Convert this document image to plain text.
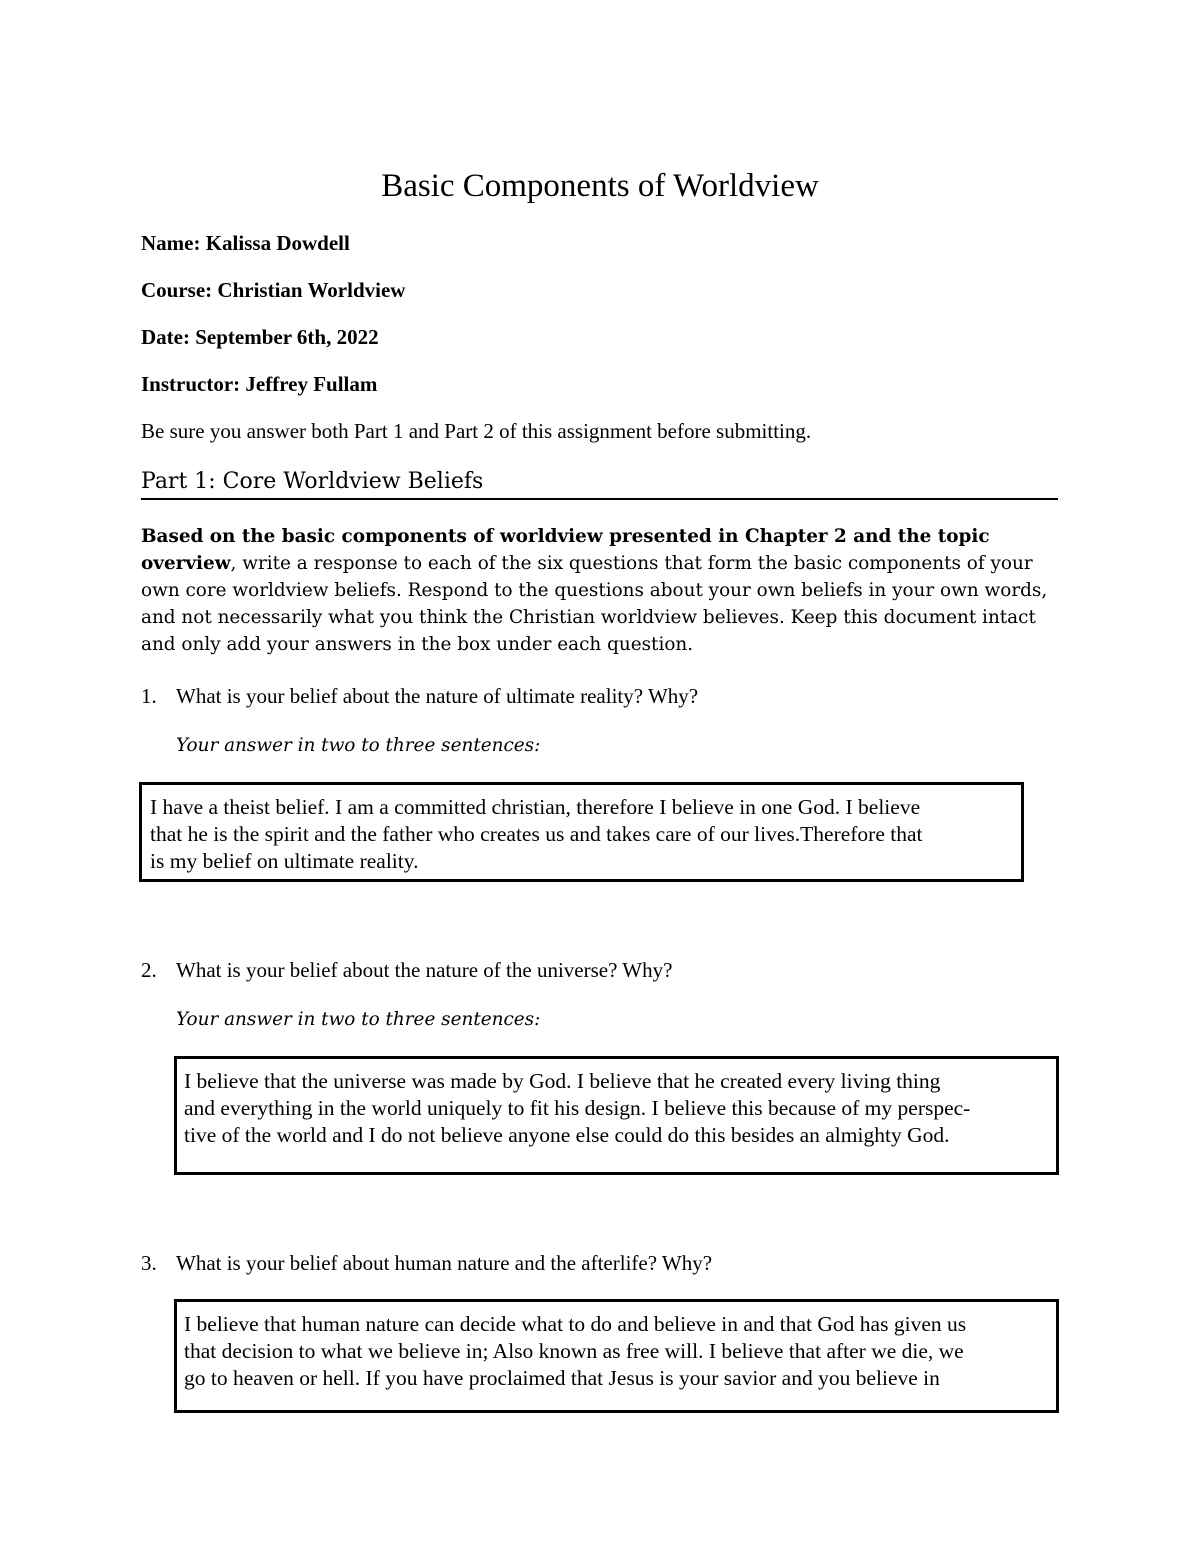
Basic Components of Worldview
Name: Kalissa Dowdell
Course: Christian Worldview
Date: September 6th, 2022
Instructor: Jeffrey Fullam
Be sure you answer both Part 1 and Part 2 of this assignment before submitting.
Part 1: Core Worldview Beliefs
Based on the basic components of worldview presented in Chapter 2 and the topic overview, write a response to each of the six questions that form the basic components of your own core worldview beliefs. Respond to the questions about your own beliefs in your own words, and not necessarily what you think the Christian worldview believes. Keep this document intact and only add your answers in the box under each question.
1. What is your belief about the nature of ultimate reality? Why?
Your answer in two to three sentences:
I have a theist belief. I am a committed christian, therefore I believe in one God. I believe
that he is the spirit and the father who creates us and takes care of our lives.Therefore that
is my belief on ultimate reality.
2. What is your belief about the nature of the universe? Why?
Your answer in two to three sentences:
I believe that the universe was made by God. I believe that he created every living thing
and everything in the world uniquely to fit his design. I believe this because of my perspec-
tive of the world and I do not believe anyone else could do this besides an almighty God.
3. What is your belief about human nature and the afterlife? Why?
I believe that human nature can decide what to do and believe in and that God has given us
that decision to what we believe in; Also known as free will. I believe that after we die, we
go to heaven or hell. If you have proclaimed that Jesus is your savior and you believe in
